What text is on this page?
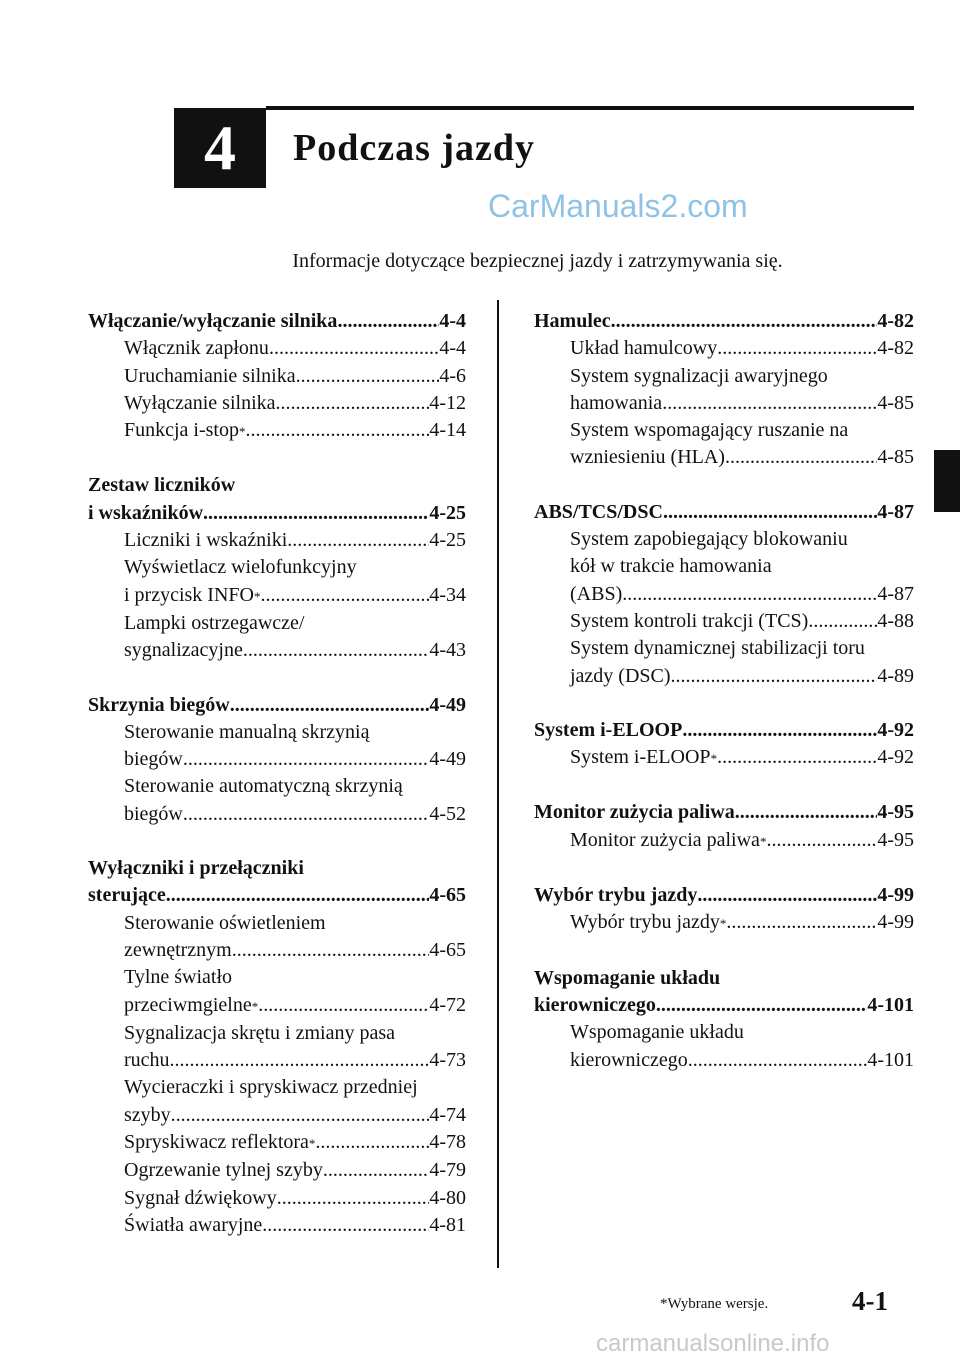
4 Podczas jazdy
CarManuals2.com
Informacje dotyczące bezpiecznej jazdy i zatrzymywania się.
Włączanie/wyłączanie silnika .....	4-4
Włącznik zapłonu .....	4-4
Uruchamianie silnika .....	4-6
Wyłączanie silnika .....	4-12
Funkcja i-stop * .....	4-14
Zestaw liczników
i wskaźników .....	4-25
Liczniki i wskaźniki .....	4-25
Wyświetlacz wielofunkcyjny
i przycisk INFO * .....	4-34
Lampki ostrzegawcze/
sygnalizacyjne .....	4-43
Skrzynia biegów .....	4-49
Sterowanie manualną skrzynią
biegów .....	4-49
Sterowanie automatyczną skrzynią
biegów .....	4-52
Wyłączniki i przełączniki
sterujące .....	4-65
Sterowanie oświetleniem
zewnętrznym .....	4-65
Tylne światło
przeciwmgielne * .....	4-72
Sygnalizacja skrętu i zmiany pasa
ruchu .....	4-73
Wycieraczki i spryskiwacz przedniej
szyby .....	4-74
Spryskiwacz reflektora * .....	4-78
Ogrzewanie tylnej szyby .....	4-79
Sygnał dźwiękowy .....	4-80
Światła awaryjne .....	4-81
Hamulec .....	4-82
Układ hamulcowy .....	4-82
System sygnalizacji awaryjnego
hamowania .....	4-85
System wspomagający ruszanie na
wzniesieniu (HLA) .....	4-85
ABS/TCS/DSC .....	4-87
System zapobiegający blokowaniu
kół w trakcie hamowania
(ABS) .....	4-87
System kontroli trakcji (TCS) .....	4-88
System dynamicznej stabilizacji toru
jazdy (DSC) .....	4-89
System i-ELOOP .....	4-92
System i-ELOOP * .....	4-92
Monitor zużycia paliwa .....	4-95
Monitor zużycia paliwa * .....	4-95
Wybór trybu jazdy .....	4-99
Wybór trybu jazdy * .....	4-99
Wspomaganie układu
kierowniczego .....	4-101
Wspomaganie układu
kierowniczego .....	4-101
*Wybrane wersje.	4-1
carmanualsonline.info
